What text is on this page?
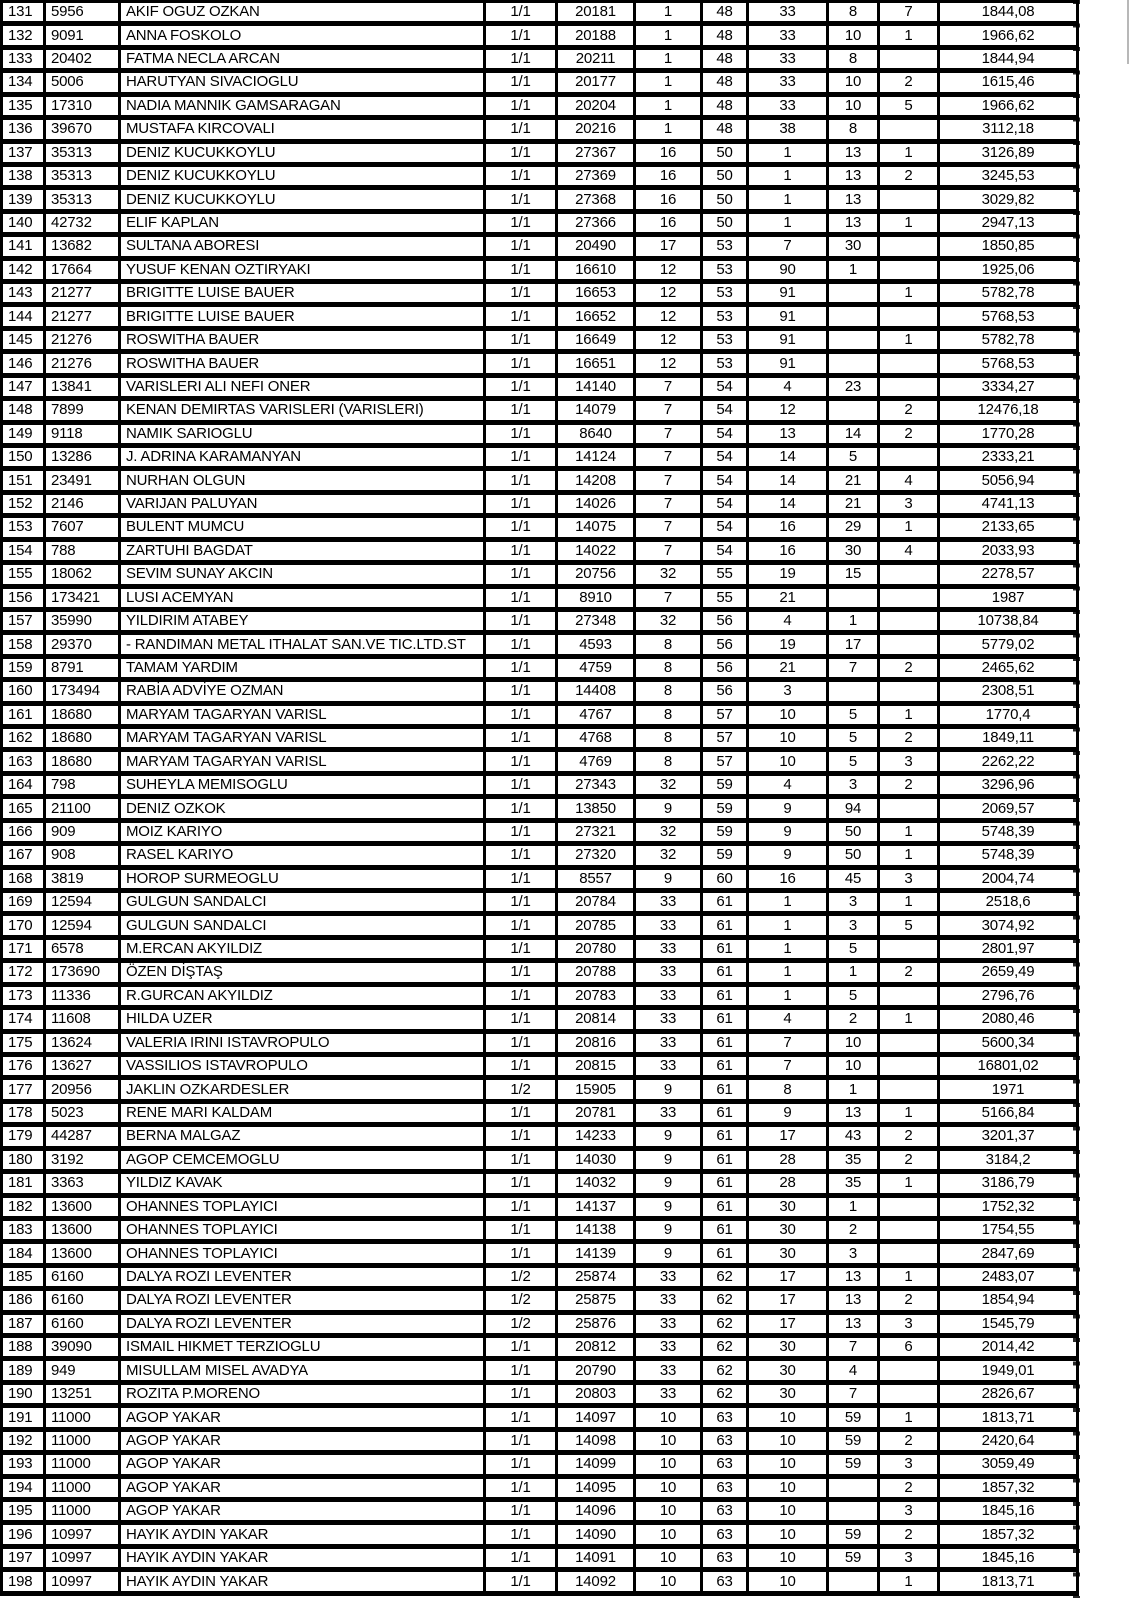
131	5956	AKIF OGUZ OZKAN	1/1	20181	1	48	33	8	7	1844,08
132	9091	ANNA FOSKOLO	1/1	20188	1	48	33	10	1	1966,62
133	20402	FATMA NECLA ARCAN	1/1	20211	1	48	33	8		1844,94
134	5006	HARUTYAN SIVACIOGLU	1/1	20177	1	48	33	10	2	1615,46
135	17310	NADIA MANNIK GAMSARAGAN	1/1	20204	1	48	33	10	5	1966,62
136	39670	MUSTAFA KIRCOVALI	1/1	20216	1	48	38	8		3112,18
137	35313	DENIZ KUCUKKOYLU	1/1	27367	16	50	1	13	1	3126,89
138	35313	DENIZ KUCUKKOYLU	1/1	27369	16	50	1	13	2	3245,53
139	35313	DENIZ KUCUKKOYLU	1/1	27368	16	50	1	13		3029,82
140	42732	ELIF KAPLAN	1/1	27366	16	50	1	13	1	2947,13
141	13682	SULTANA ABORESI	1/1	20490	17	53	7	30		1850,85
142	17664	YUSUF KENAN OZTIRYAKI	1/1	16610	12	53	90	1		1925,06
143	21277	BRIGITTE LUISE BAUER	1/1	16653	12	53	91		1	5782,78
144	21277	BRIGITTE LUISE BAUER	1/1	16652	12	53	91			5768,53
145	21276	ROSWITHA BAUER	1/1	16649	12	53	91		1	5782,78
146	21276	ROSWITHA BAUER	1/1	16651	12	53	91			5768,53
147	13841	VARISLERI ALI NEFI ONER	1/1	14140	7	54	4	23		3334,27
148	7899	KENAN DEMIRTAS VARISLERI (VARISLERI)	1/1	14079	7	54	12		2	12476,18
149	9118	NAMIK SARIOGLU	1/1	8640	7	54	13	14	2	1770,28
150	13286	J. ADRINA KARAMANYAN	1/1	14124	7	54	14	5		2333,21
151	23491	NURHAN OLGUN	1/1	14208	7	54	14	21	4	5056,94
152	2146	VARIJAN PALUYAN	1/1	14026	7	54	14	21	3	4741,13
153	7607	BULENT MUMCU	1/1	14075	7	54	16	29	1	2133,65
154	788	ZARTUHI BAGDAT	1/1	14022	7	54	16	30	4	2033,93
155	18062	SEVIM SUNAY AKCIN	1/1	20756	32	55	19	15		2278,57
156	173421	LUSI ACEMYAN	1/1	8910	7	55	21			1987
157	35990	YILDIRIM ATABEY	1/1	27348	32	56	4	1		10738,84
158	29370	- RANDIMAN METAL ITHALAT SAN.VE TIC.LTD.ST	1/1	4593	8	56	19	17		5779,02
159	8791	TAMAM YARDIM	1/1	4759	8	56	21	7	2	2465,62
160	173494	RABİA ADVİYE OZMAN	1/1	14408	8	56	3			2308,51
161	18680	MARYAM TAGARYAN VARISL	1/1	4767	8	57	10	5	1	1770,4
162	18680	MARYAM TAGARYAN VARISL	1/1	4768	8	57	10	5	2	1849,11
163	18680	MARYAM TAGARYAN VARISL	1/1	4769	8	57	10	5	3	2262,22
164	798	SUHEYLA MEMISOGLU	1/1	27343	32	59	4	3	2	3296,96
165	21100	DENIZ OZKOK	1/1	13850	9	59	9	94		2069,57
166	909	MOIZ KARIYO	1/1	27321	32	59	9	50	1	5748,39
167	908	RASEL KARIYO	1/1	27320	32	59	9	50	1	5748,39
168	3819	HOROP SURMEOGLU	1/1	8557	9	60	16	45	3	2004,74
169	12594	GULGUN SANDALCI	1/1	20784	33	61	1	3	1	2518,6
170	12594	GULGUN SANDALCI	1/1	20785	33	61	1	3	5	3074,92
171	6578	M.ERCAN AKYILDIZ	1/1	20780	33	61	1	5		2801,97
172	173690	ÖZEN DİŞTAŞ	1/1	20788	33	61	1	1	2	2659,49
173	11336	R.GURCAN AKYILDIZ	1/1	20783	33	61	1	5		2796,76
174	11608	HILDA UZER	1/1	20814	33	61	4	2	1	2080,46
175	13624	VALERIA IRINI ISTAVROPULO	1/1	20816	33	61	7	10		5600,34
176	13627	VASSILIOS ISTAVROPULO	1/1	20815	33	61	7	10		16801,02
177	20956	JAKLIN OZKARDESLER	1/2	15905	9	61	8	1		1971
178	5023	RENE MARI KALDAM	1/1	20781	33	61	9	13	1	5166,84
179	44287	BERNA MALGAZ	1/1	14233	9	61	17	43	2	3201,37
180	3192	AGOP CEMCEMOGLU	1/1	14030	9	61	28	35	2	3184,2
181	3363	YILDIZ KAVAK	1/1	14032	9	61	28	35	1	3186,79
182	13600	OHANNES TOPLAYICI	1/1	14137	9	61	30	1		1752,32
183	13600	OHANNES TOPLAYICI	1/1	14138	9	61	30	2		1754,55
184	13600	OHANNES TOPLAYICI	1/1	14139	9	61	30	3		2847,69
185	6160	DALYA ROZI LEVENTER	1/2	25874	33	62	17	13	1	2483,07
186	6160	DALYA ROZI LEVENTER	1/2	25875	33	62	17	13	2	1854,94
187	6160	DALYA ROZI LEVENTER	1/2	25876	33	62	17	13	3	1545,79
188	39090	ISMAIL HIKMET TERZIOGLU	1/1	20812	33	62	30	7	6	2014,42
189	949	MISULLAM MISEL AVADYA	1/1	20790	33	62	30	4		1949,01
190	13251	ROZITA P.MORENO	1/1	20803	33	62	30	7		2826,67
191	11000	AGOP YAKAR	1/1	14097	10	63	10	59	1	1813,71
192	11000	AGOP YAKAR	1/1	14098	10	63	10	59	2	2420,64
193	11000	AGOP YAKAR	1/1	14099	10	63	10	59	3	3059,49
194	11000	AGOP YAKAR	1/1	14095	10	63	10		2	1857,32
195	11000	AGOP YAKAR	1/1	14096	10	63	10		3	1845,16
196	10997	HAYIK AYDIN YAKAR	1/1	14090	10	63	10	59	2	1857,32
197	10997	HAYIK AYDIN YAKAR	1/1	14091	10	63	10	59	3	1845,16
198	10997	HAYIK AYDIN YAKAR	1/1	14092	10	63	10		1	1813,71
